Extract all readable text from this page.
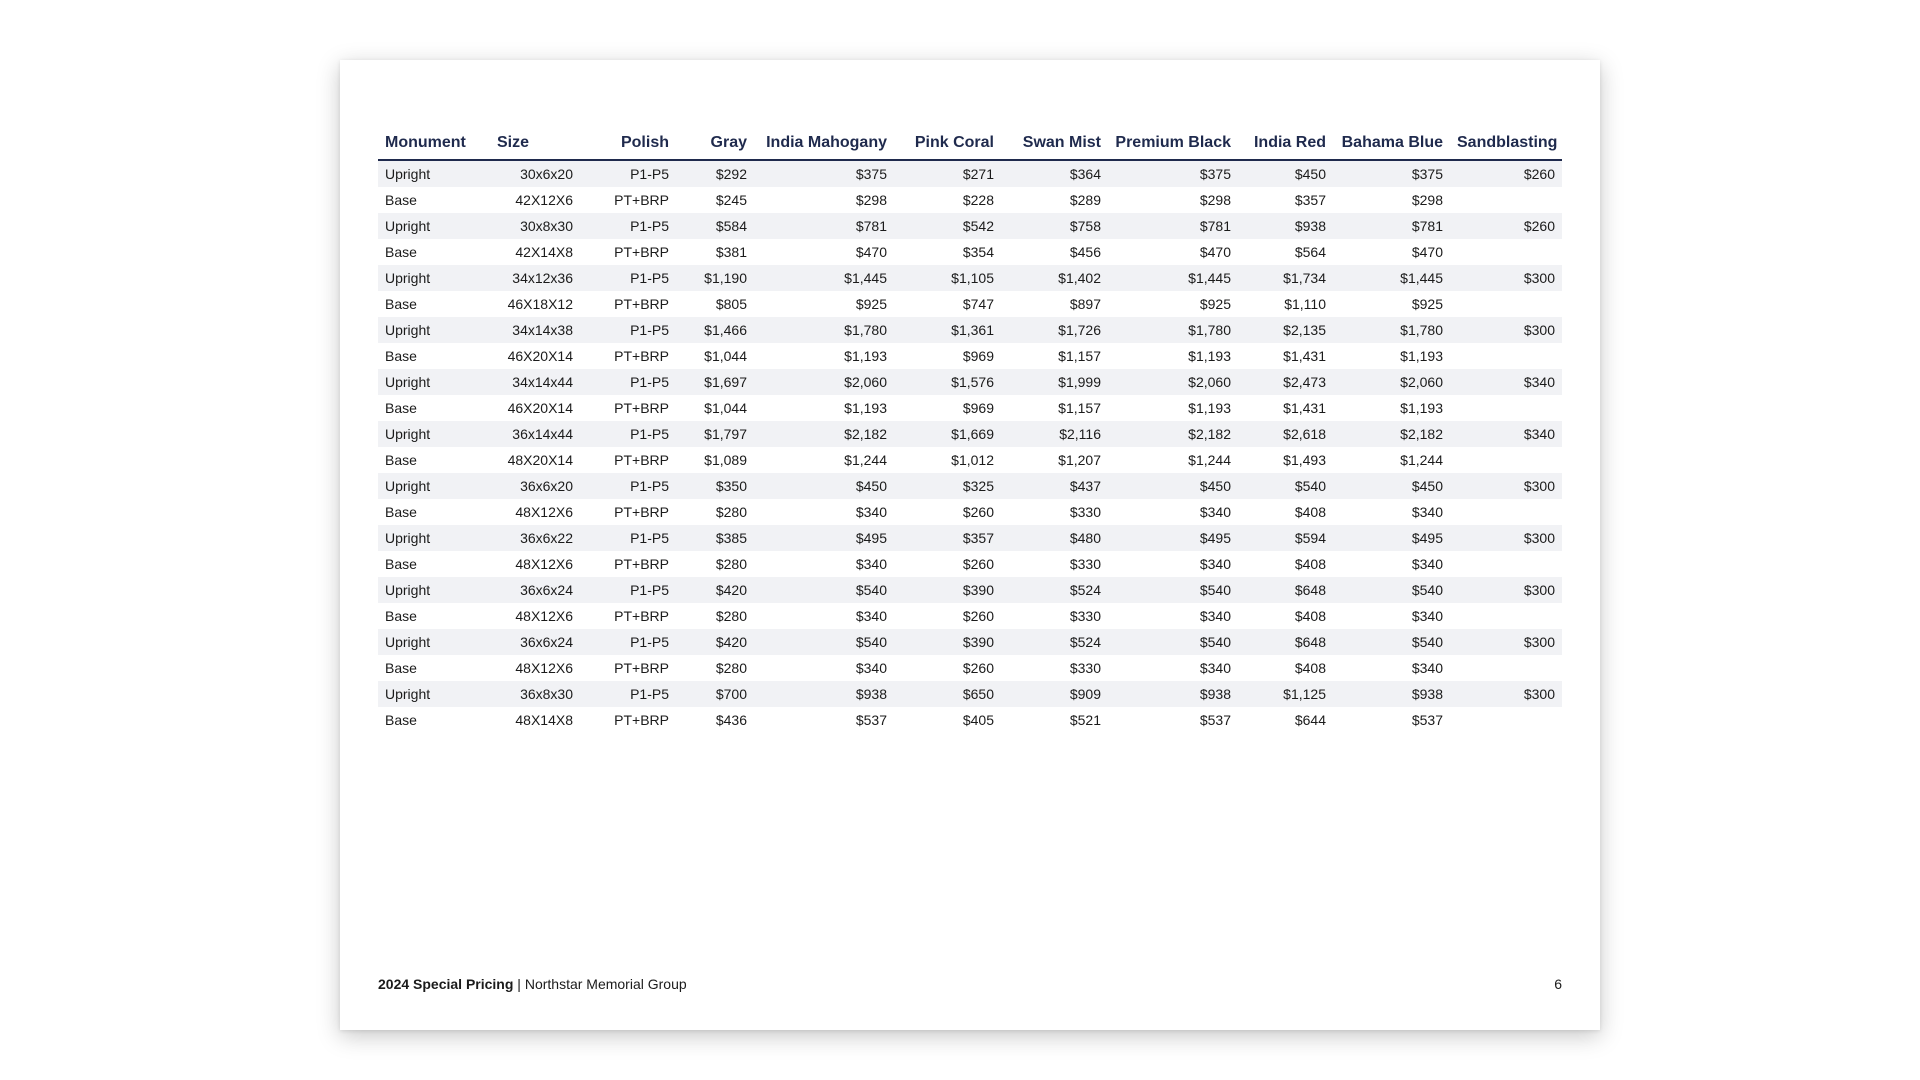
Monument	Size	Polish	Gray	India Mahogany	Pink Coral	Swan Mist	Premium Black	India Red	Bahama Blue	Sandblasting
Upright	30x6x20	P1-P5	$292	$375	$271	$364	$375	$450	$375	$260
Base	42X12X6	PT+BRP	$245	$298	$228	$289	$298	$357	$298	
Upright	30x8x30	P1-P5	$584	$781	$542	$758	$781	$938	$781	$260
Base	42X14X8	PT+BRP	$381	$470	$354	$456	$470	$564	$470	
Upright	34x12x36	P1-P5	$1,190	$1,445	$1,105	$1,402	$1,445	$1,734	$1,445	$300
Base	46X18X12	PT+BRP	$805	$925	$747	$897	$925	$1,110	$925	
Upright	34x14x38	P1-P5	$1,466	$1,780	$1,361	$1,726	$1,780	$2,135	$1,780	$300
Base	46X20X14	PT+BRP	$1,044	$1,193	$969	$1,157	$1,193	$1,431	$1,193	
Upright	34x14x44	P1-P5	$1,697	$2,060	$1,576	$1,999	$2,060	$2,473	$2,060	$340
Base	46X20X14	PT+BRP	$1,044	$1,193	$969	$1,157	$1,193	$1,431	$1,193	
Upright	36x14x44	P1-P5	$1,797	$2,182	$1,669	$2,116	$2,182	$2,618	$2,182	$340
Base	48X20X14	PT+BRP	$1,089	$1,244	$1,012	$1,207	$1,244	$1,493	$1,244	
Upright	36x6x20	P1-P5	$350	$450	$325	$437	$450	$540	$450	$300
Base	48X12X6	PT+BRP	$280	$340	$260	$330	$340	$408	$340	
Upright	36x6x22	P1-P5	$385	$495	$357	$480	$495	$594	$495	$300
Base	48X12X6	PT+BRP	$280	$340	$260	$330	$340	$408	$340	
Upright	36x6x24	P1-P5	$420	$540	$390	$524	$540	$648	$540	$300
Base	48X12X6	PT+BRP	$280	$340	$260	$330	$340	$408	$340	
Upright	36x6x24	P1-P5	$420	$540	$390	$524	$540	$648	$540	$300
Base	48X12X6	PT+BRP	$280	$340	$260	$330	$340	$408	$340	
Upright	36x8x30	P1-P5	$700	$938	$650	$909	$938	$1,125	$938	$300
Base	48X14X8	PT+BRP	$436	$537	$405	$521	$537	$644	$537	
2024 Special Pricing | Northstar Memorial Group	6
